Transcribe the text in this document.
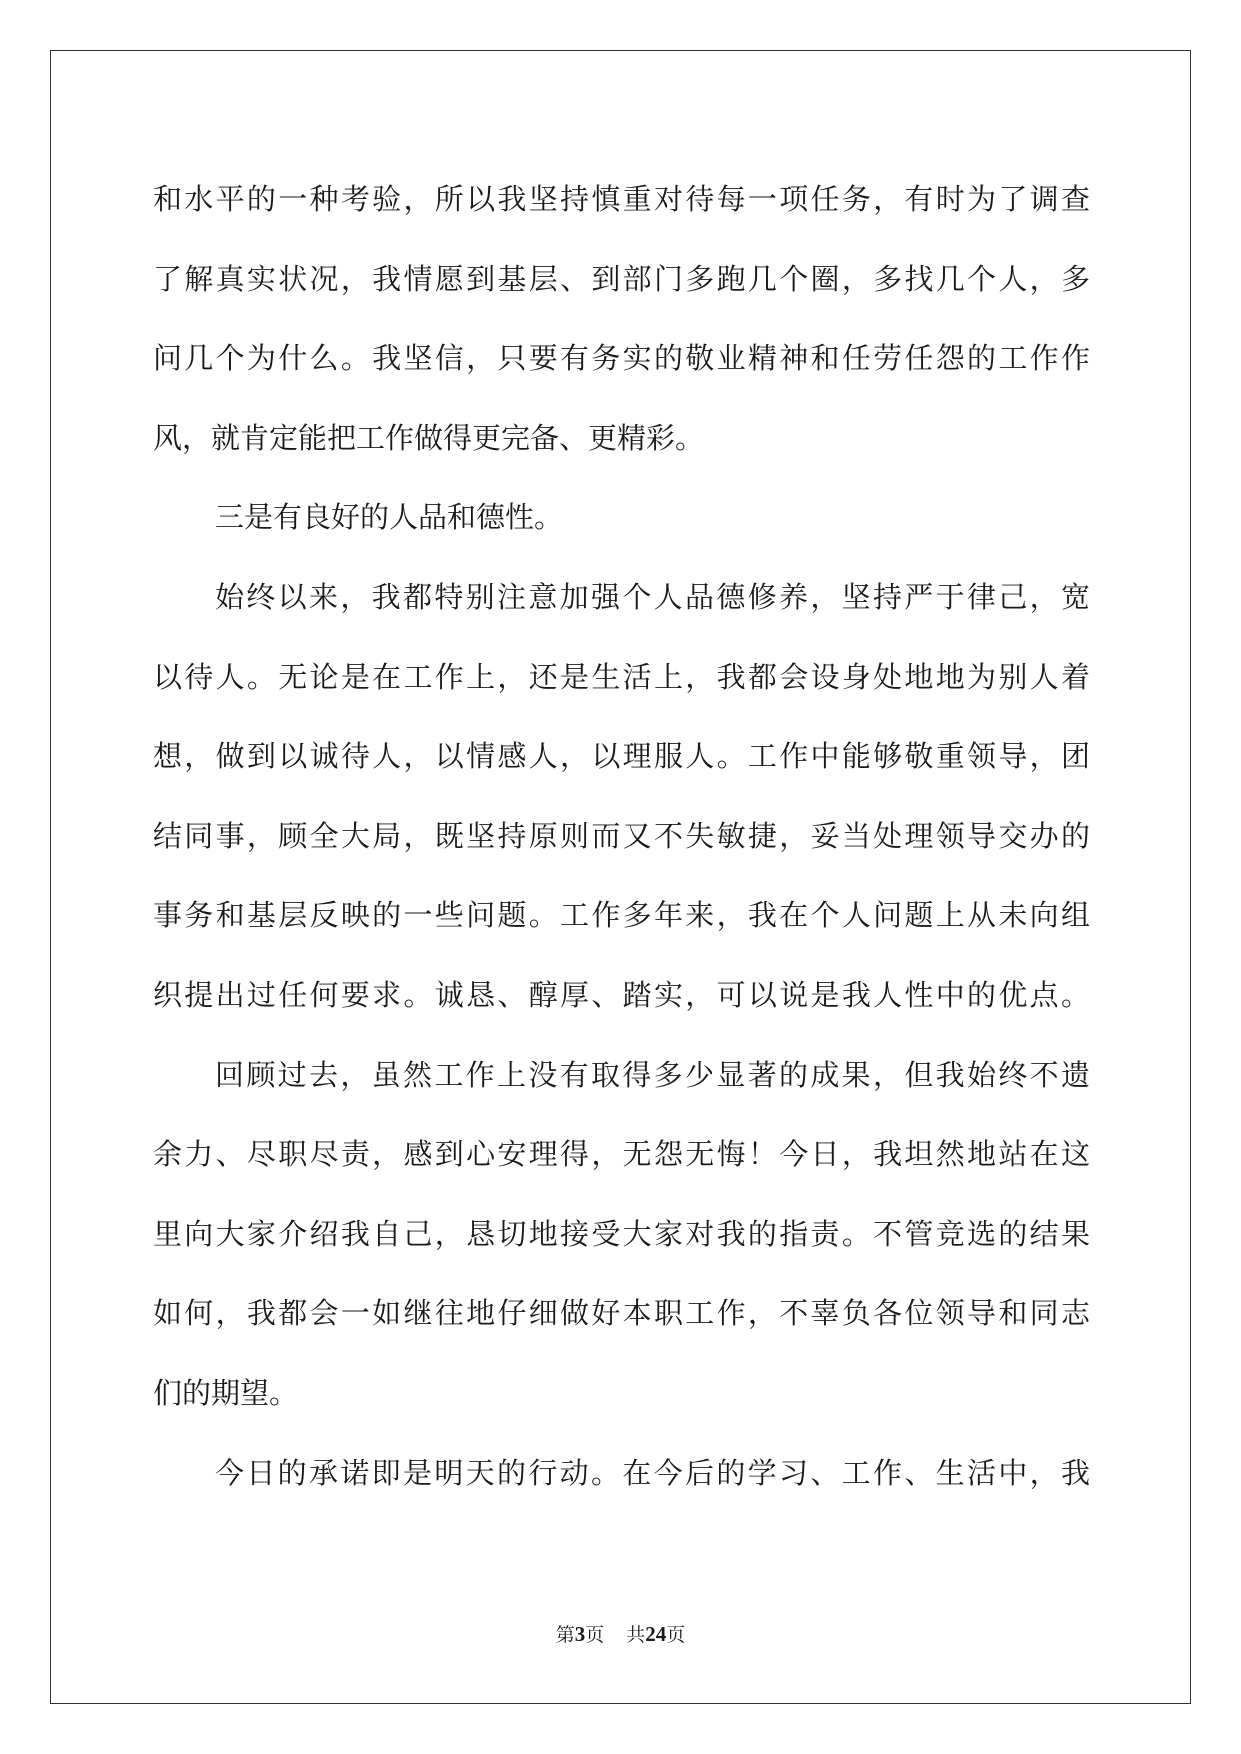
和水平的一种考验，所以我坚持慎重对待每一项任务，有时为了调查
了解真实状况，我情愿到基层、到部门多跑几个圈，多找几个人，多
问几个为什么。我坚信，只要有务实的敬业精神和任劳任怨的工作作
风，就肯定能把工作做得更完备、更精彩。
三是有良好的人品和德性。
始终以来，我都特别注意加强个人品德修养，坚持严于律己，宽
以待人。无论是在工作上，还是生活上，我都会设身处地地为别人着
想，做到以诚待人，以情感人，以理服人。工作中能够敬重领导，团
结同事，顾全大局，既坚持原则而又不失敏捷，妥当处理领导交办的
事务和基层反映的一些问题。工作多年来，我在个人问题上从未向组
织提出过任何要求。诚恳、醇厚、踏实，可以说是我人性中的优点。
回顾过去，虽然工作上没有取得多少显著的成果，但我始终不遗
余力、尽职尽责，感到心安理得，无怨无悔！今日，我坦然地站在这
里向大家介绍我自己，恳切地接受大家对我的指责。不管竞选的结果
如何，我都会一如继往地仔细做好本职工作，不辜负各位领导和同志
们的期望。
今日的承诺即是明天的行动。在今后的学习、工作、生活中，我
第3页 共24页
